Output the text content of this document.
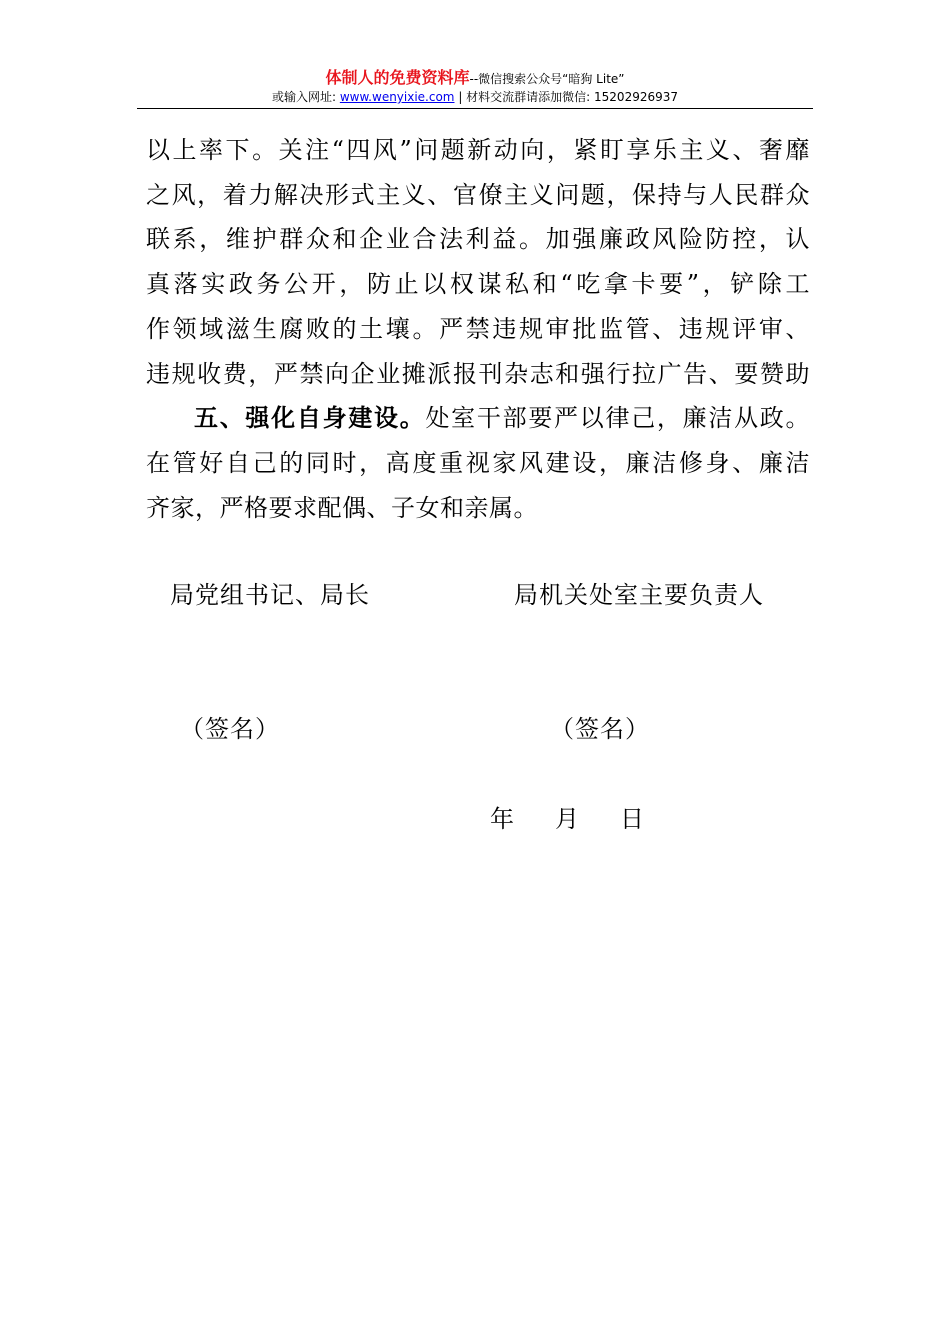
体制人的免费资料库--微信搜索公众号“暗狗 Lite”
或输入网址: www.wenyixie.com | 材料交流群请添加微信: 15202926937

以上率下。关注“四风”问题新动向，紧盯享乐主义、奢靡

之风，着力解决形式主义、官僚主义问题，保持与人民群众

联系，维护群众和企业合法利益。加强廉政风险防控，认

真落实政务公开，防止以权谋私和“吃拿卡要”，铲除工

作领域滋生腐败的土壤。严禁违规审批监管、违规评审、

违规收费，严禁向企业摊派报刊杂志和强行拉广告、要赞助

五、强化自身建设。处室干部要严以律己，廉洁从政。

在管好自己的同时，高度重视家风建设，廉洁修身、廉洁

齐家，严格要求配偶、子女和亲属。

局党组书记、局长	局机关处室主要负责人
（签名）	（签名）
年 月 日
